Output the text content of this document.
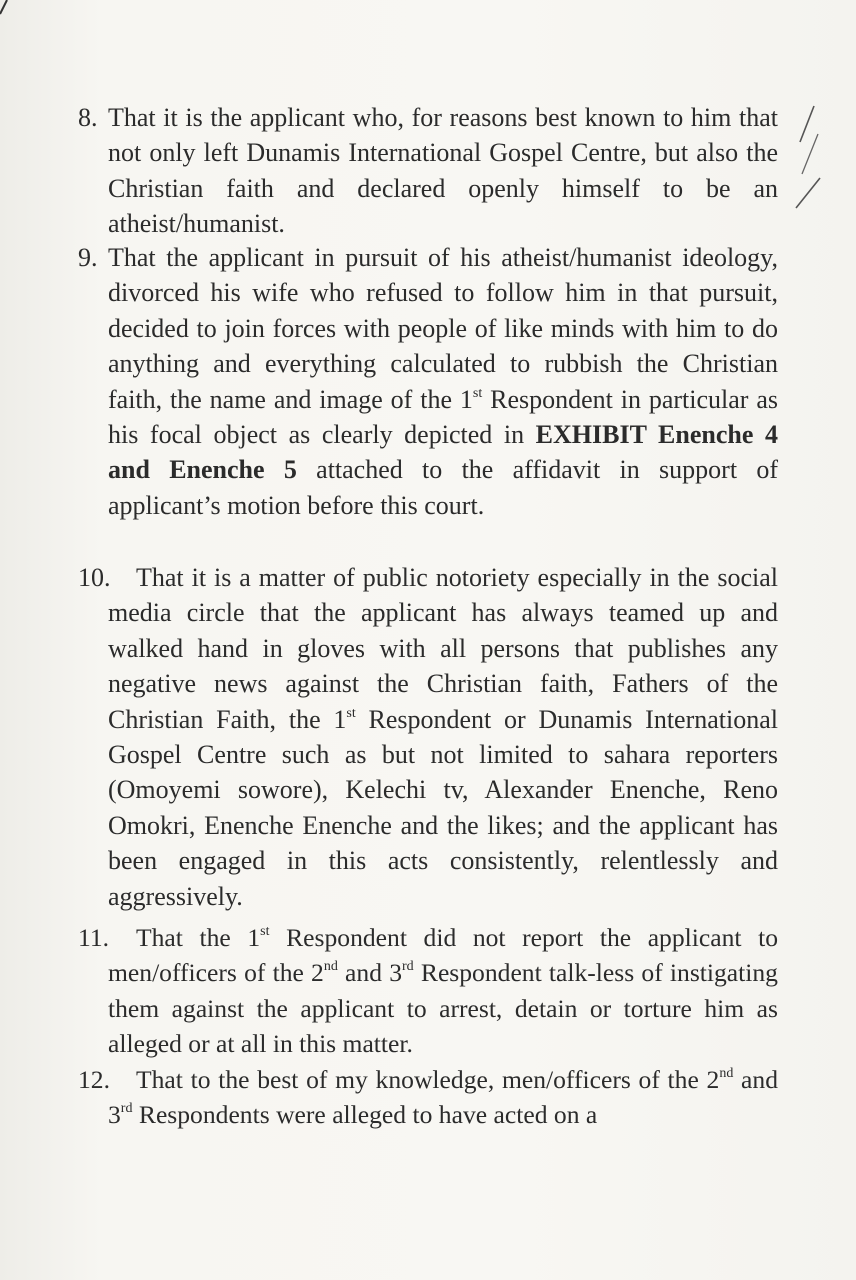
8. That it is the applicant who, for reasons best known to him that not only left Dunamis International Gospel Centre, but also the Christian faith and declared openly himself to be an atheist/humanist.

9. That the applicant in pursuit of his atheist/humanist ideology, divorced his wife who refused to follow him in that pursuit, decided to join forces with people of like minds with him to do anything and everything calculated to rubbish the Christian faith, the name and image of the 1st Respondent in particular as his focal object as clearly depicted in EXHIBIT Enenche 4 and Enenche 5 attached to the affidavit in support of applicant’s motion before this court.

10. That it is a matter of public notoriety especially in the social media circle that the applicant has always teamed up and walked hand in gloves with all persons that publishes any negative news against the Christian faith, Fathers of the Christian Faith, the 1st Respondent or Dunamis International Gospel Centre such as but not limited to sahara reporters (Omoyemi sowore), Kelechi tv, Alexander Enenche, Reno Omokri, Enenche Enenche and the likes; and the applicant has been engaged in this acts consistently, relentlessly and aggressively.

11.	That the 1st Respondent did not report the applicant to men/officers of the 2nd and 3rd Respondent talk-less of instigating them against the applicant to arrest, detain or torture him as alleged or at all in this matter.

12.	That to the best of my knowledge, men/officers of the 2nd and 3rd Respondents were alleged to have acted on a
